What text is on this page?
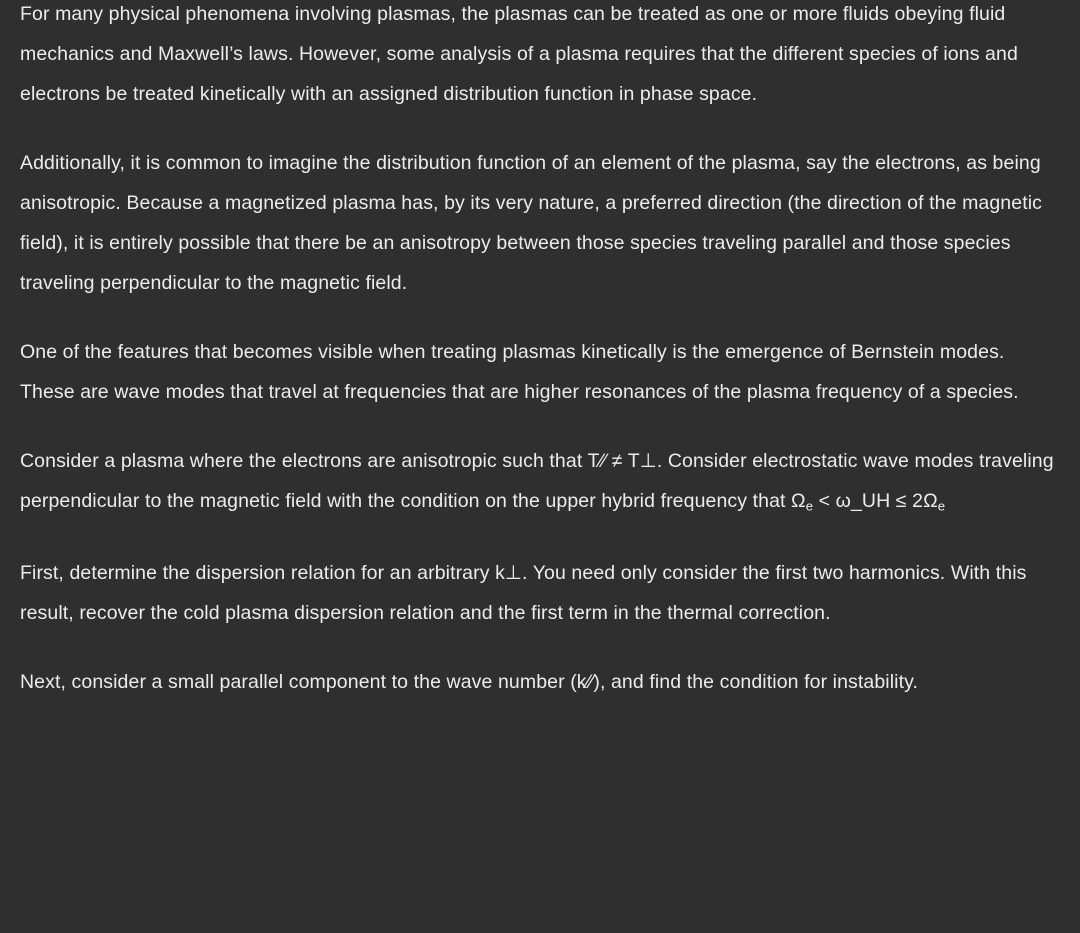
For many physical phenomena involving plasmas, the plasmas can be treated as one or more fluids obeying fluid mechanics and Maxwell’s laws. However, some analysis of a plasma requires that the different species of ions and electrons be treated kinetically with an assigned distribution function in phase space.

Additionally, it is common to imagine the distribution function of an element of the plasma, say the electrons, as being anisotropic. Because a magnetized plasma has, by its very nature, a preferred direction (the direction of the magnetic field), it is entirely possible that there be an anisotropy between those species traveling parallel and those species traveling perpendicular to the magnetic field.

One of the features that becomes visible when treating plasmas kinetically is the emergence of Bernstein modes. These are wave modes that travel at frequencies that are higher resonances of the plasma frequency of a species.

Consider a plasma where the electrons are anisotropic such that T∕∕ ≠ T⊥. Consider electrostatic wave modes traveling perpendicular to the magnetic field with the condition on the upper hybrid frequency that $\Omega_e$ < ω_UH ≤ $2\Omega_e$

First, determine the dispersion relation for an arbitrary k⊥. You need only consider the first two harmonics. With this result, recover the cold plasma dispersion relation and the first term in the thermal correction.

Next, consider a small parallel component to the wave number (k∕∕), and find the condition for instability.
